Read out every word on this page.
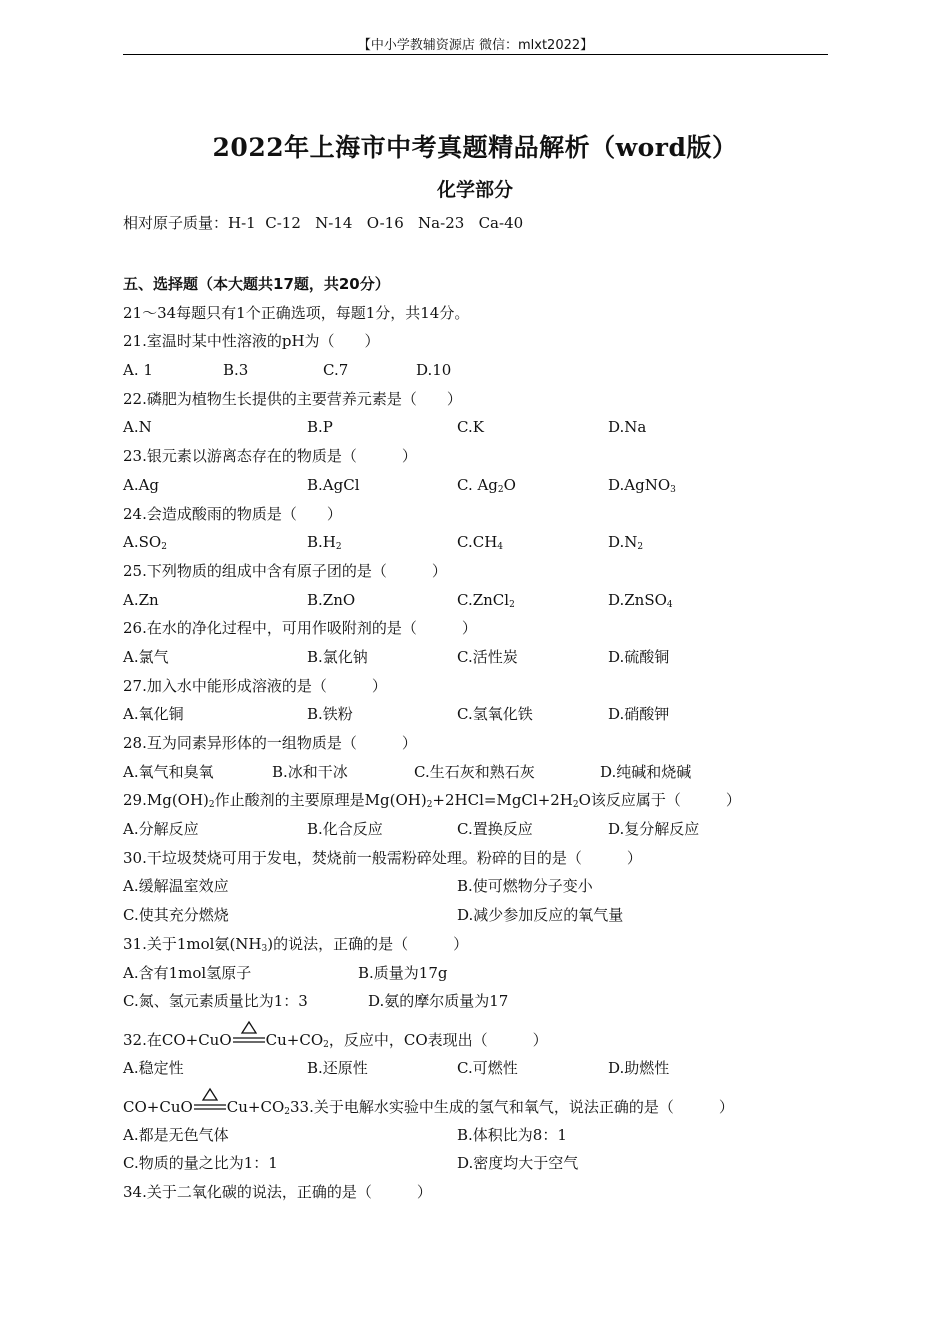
【中小学教辅资源店 微信：mlxt2022】
2022年上海市中考真题精品解析（word版）
化学部分
相对原子质量：H-1  C-12   N-14   O-16   Na-23   Ca-40
五、选择题（本大题共17题，共20分）
21～34每题只有1个正确选项，每题1分，共14分。
21.室温时某中性溶液的pH为（　　）
A. 1	B.3	C.7	D.10
22.磷肥为植物生长提供的主要营养元素是（　　）
A.N	B.P	C.K	D.Na
23.银元素以游离态存在的物质是（　　　）
A.Ag	B.AgCl	C. $Ag_2O$	D.AgNO$_3$
24.会造成酸雨的物质是（　　）
$A.SO_2$	$B.H_2$	$C.CH_4$	$D.N_2$
25.下列物质的组成中含有原子团的是（　　　）
A.Zn	B.ZnO	C.ZnCl$_2$	D.ZnSO$_4$
26.在水的净化过程中，可用作吸附剂的是（　　　）
A.氯气	B.氯化钠	C.活性炭	D.硫酸铜
27.加入水中能形成溶液的是（　　　）
A.氧化铜	B.铁粉	C.氢氧化铁	D.硝酸钾
28.互为同素异形体的一组物质是（　　　）
A.氧气和臭氧	B.冰和干冰	C.生石灰和熟石灰	D.纯碱和烧碱
$29.Mg(OH)_2$作止酸剂的主要原理是$Mg(OH)_2+2HCl=MgCl+2H_2O$该反应属于（　　　）
A.分解反应	B.化合反应	C.置换反应	D.复分解反应
30.干垃圾焚烧可用于发电，焚烧前一般需粉碎处理。粉碎的目的是（　　　）
A.缓解温室效应	B.使可燃物分子变小
C.使其充分燃烧	D.减少参加反应的氧气量
31.关于1mol氨$(NH_3)$的说法，正确的是（　　　）
A.含有1mol氢原子	B.质量为17g
C.氮、氢元素质量比为1：3	D.氨的摩尔质量为17
32.在CO+CuO $Cu+CO_2$，反应中，CO表现出（　　　）
A.稳定性	B.还原性	C.可燃性	D.助燃性
CO+CuO $Cu+CO_233$.关于电解水实验中生成的氢气和氧气，说法正确的是（　　　）
A.都是无色气体	B.体积比为8：1
C.物质的量之比为1：1	D.密度均大于空气
34.关于二氧化碳的说法，正确的是（　　　）
